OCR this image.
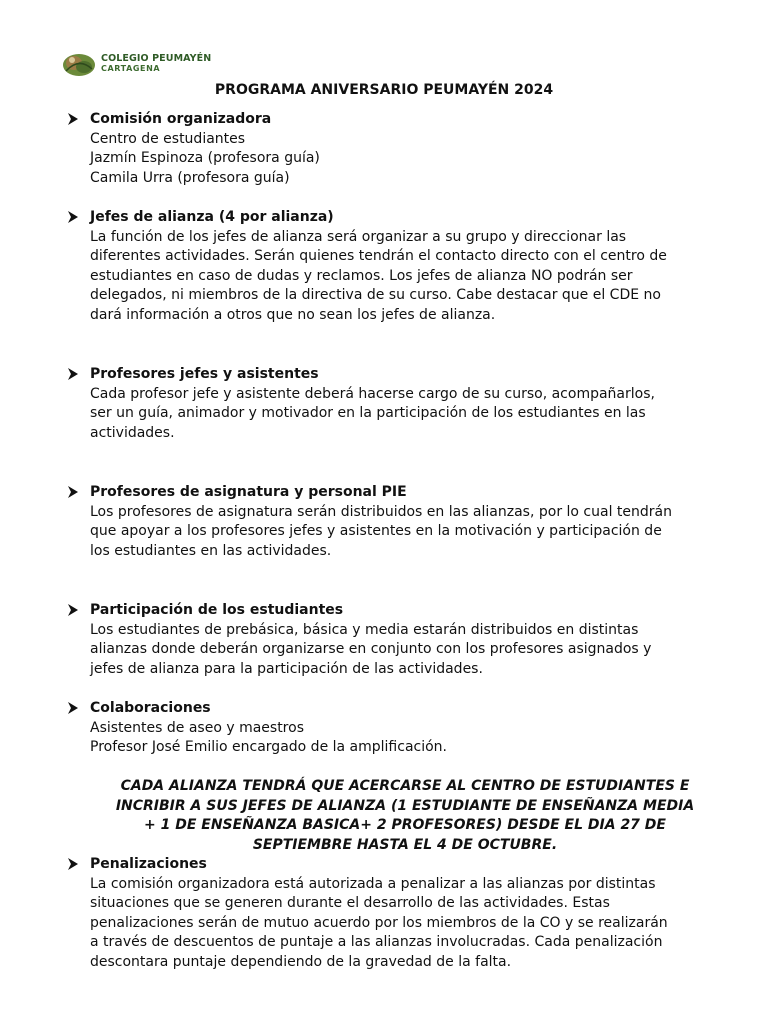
COLEGIO PEUMAYÉN
CARTAGENA
PROGRAMA ANIVERSARIO PEUMAYÉN 2024
Comisión organizadora
Centro de estudiantes
Jazmín Espinoza (profesora guía)
Camila Urra (profesora guía)
Jefes de alianza (4 por alianza)
La función de los jefes de alianza será organizar a su grupo y direccionar las
diferentes actividades. Serán quienes tendrán el contacto directo con el centro de
estudiantes en caso de dudas y reclamos. Los jefes de alianza NO podrán ser
delegados, ni miembros de la directiva de su curso. Cabe destacar que el CDE no
dará información a otros que no sean los jefes de alianza.
Profesores jefes y asistentes
Cada profesor jefe y asistente deberá hacerse cargo de su curso, acompañarlos,
ser un guía, animador y motivador en la participación de los estudiantes en las
actividades.
Profesores de asignatura y personal PIE
Los profesores de asignatura serán distribuidos en las alianzas, por lo cual tendrán
que apoyar a los profesores jefes y asistentes en la motivación y participación de
los estudiantes en las actividades.
Participación de los estudiantes
Los estudiantes de prebásica, básica y media estarán distribuidos en distintas
alianzas donde deberán organizarse en conjunto con los profesores asignados y
jefes de alianza para la participación de las actividades.
Colaboraciones
Asistentes de aseo y maestros
Profesor José Emilio encargado de la amplificación.
CADA ALIANZA TENDRÁ QUE ACERCARSE AL CENTRO DE ESTUDIANTES E
INCRIBIR A SUS JEFES DE ALIANZA (1 ESTUDIANTE DE ENSEÑANZA MEDIA
+ 1 DE ENSEÑANZA BASICA+ 2 PROFESORES) DESDE EL DIA 27 DE
SEPTIEMBRE HASTA EL 4 DE OCTUBRE.
Penalizaciones
La comisión organizadora está autorizada a penalizar a las alianzas por distintas
situaciones que se generen durante el desarrollo de las actividades. Estas
penalizaciones serán de mutuo acuerdo por los miembros de la CO y se realizarán
a través de descuentos de puntaje a las alianzas involucradas. Cada penalización
descontara puntaje dependiendo de la gravedad de la falta.
